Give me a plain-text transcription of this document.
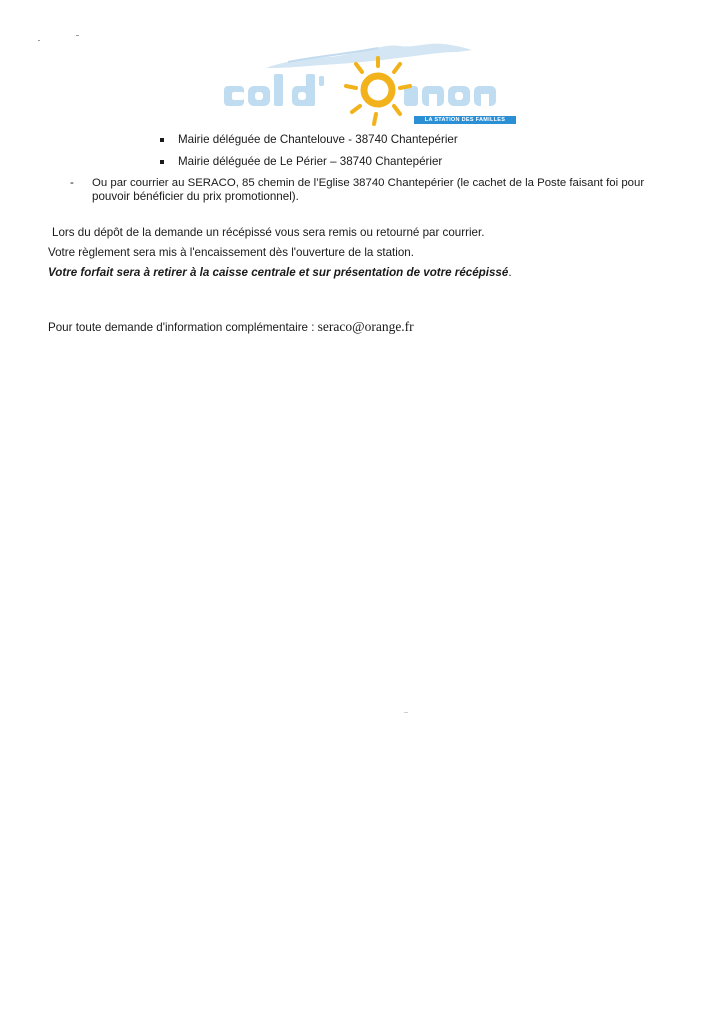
LA STATION DES FAMILLES
Mairie déléguée de Chantelouve - 38740 Chantepérier
Mairie déléguée de Le Périer – 38740 Chantepérier
- Ou par courrier au SERACO, 85 chemin de l’Eglise 38740 Chantepérier (le cachet de la Poste faisant foi pour
pouvoir bénéficier du prix promotionnel).
Lors du dépôt de la demande un récépissé vous sera remis ou retourné par courrier.
Votre règlement sera mis à l'encaissement dès l'ouverture de la station.
Votre forfait sera à retirer à la caisse centrale et sur présentation de votre récépissé.
Pour toute demande d'information complémentaire : seraco@orange.fr
